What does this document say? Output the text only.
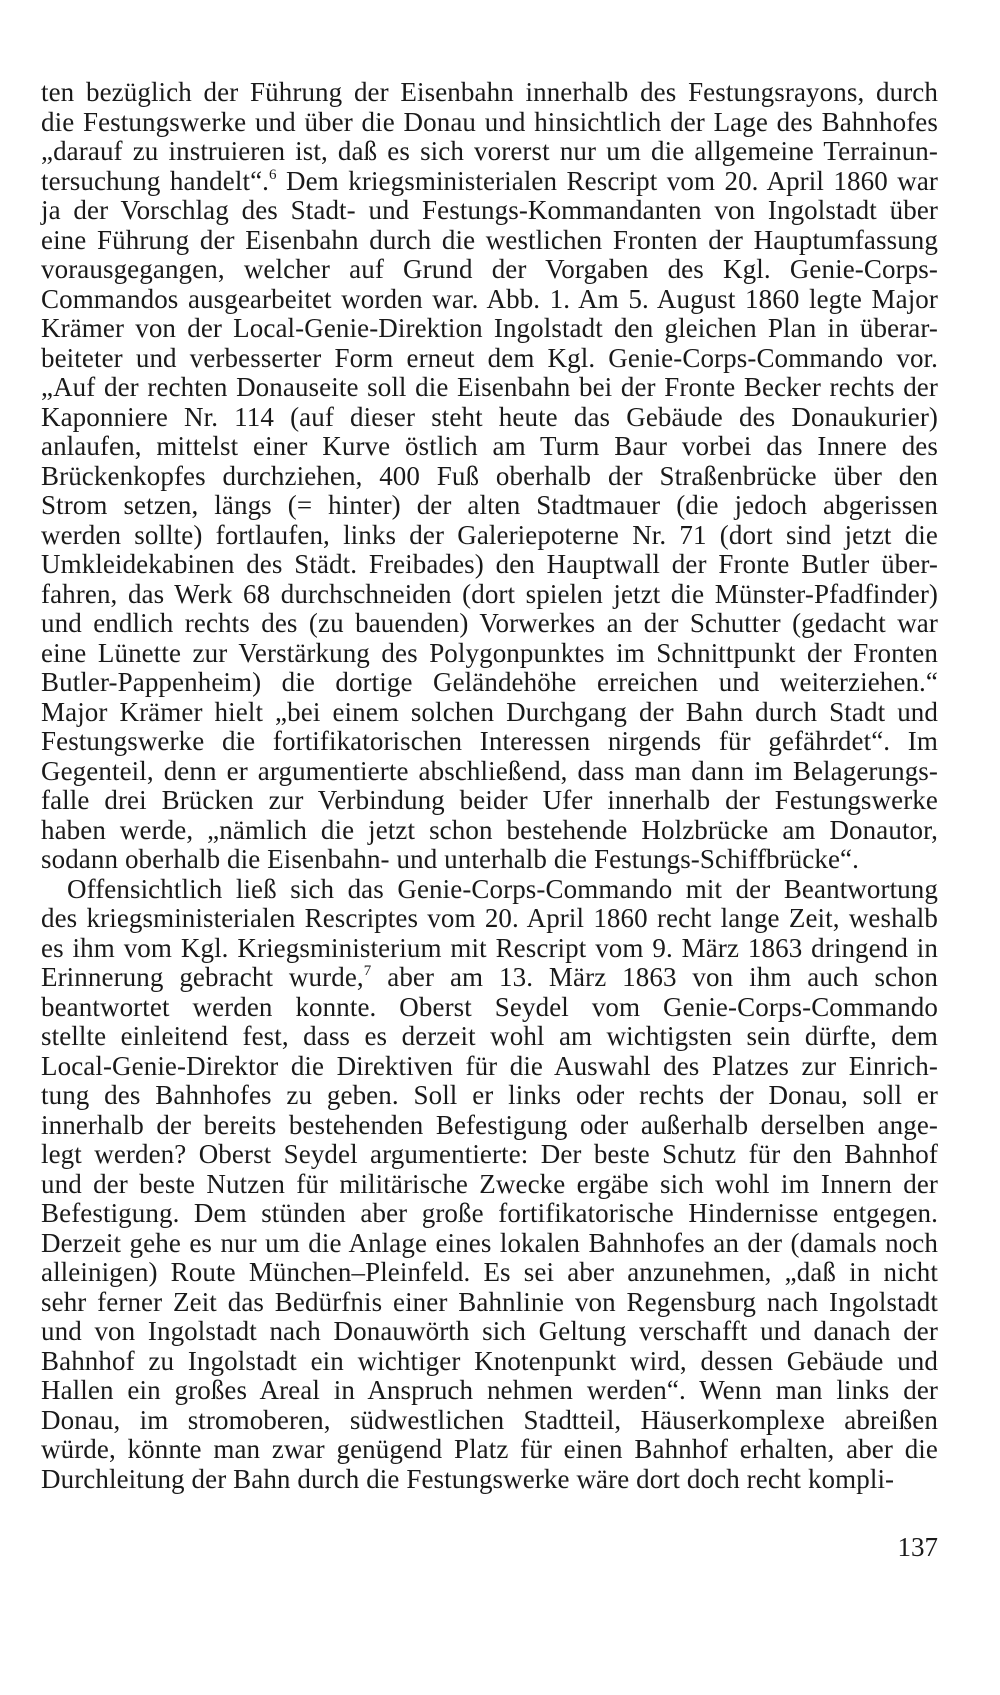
ten bezüglich der Führung der Eisenbahn innerhalb des Festungsrayons, durch
die Festungswerke und über die Donau und hinsichtlich der Lage des Bahnhofes
„darauf zu instruieren ist, daß es sich vorerst nur um die allgemeine Terrainun-
tersuchung handelt“.$^6$ Dem kriegsministerialen Rescript vom 20. April 1860 war
ja der Vorschlag des Stadt- und Festungs-Kommandanten von Ingolstadt über
eine Führung der Eisenbahn durch die westlichen Fronten der Hauptumfassung
vorausgegangen, welcher auf Grund der Vorgaben des Kgl. Genie-Corps-
Commandos ausgearbeitet worden war. Abb. 1. Am 5. August 1860 legte Major
Krämer von der Local-Genie-Direktion Ingolstadt den gleichen Plan in überar-
beiteter und verbesserter Form erneut dem Kgl. Genie-Corps-Commando vor.
„Auf der rechten Donauseite soll die Eisenbahn bei der Fronte Becker rechts der
Kaponniere Nr. 114 (auf dieser steht heute das Gebäude des Donaukurier)
anlaufen, mittelst einer Kurve östlich am Turm Baur vorbei das Innere des
Brückenkopfes durchziehen, 400 Fuß oberhalb der Straßenbrücke über den
Strom setzen, längs (= hinter) der alten Stadtmauer (die jedoch abgerissen
werden sollte) fortlaufen, links der Galeriepoterne Nr. 71 (dort sind jetzt die
Umkleidekabinen des Städt. Freibades) den Hauptwall der Fronte Butler über-
fahren, das Werk 68 durchschneiden (dort spielen jetzt die Münster-Pfadfinder)
und endlich rechts des (zu bauenden) Vorwerkes an der Schutter (gedacht war
eine Lünette zur Verstärkung des Polygonpunktes im Schnittpunkt der Fronten
Butler-Pappenheim) die dortige Geländehöhe erreichen und weiterziehen.“
Major Krämer hielt „bei einem solchen Durchgang der Bahn durch Stadt und
Festungswerke die fortifikatorischen Interessen nirgends für gefährdet“. Im
Gegenteil, denn er argumentierte abschließend, dass man dann im Belagerungs-
falle drei Brücken zur Verbindung beider Ufer innerhalb der Festungswerke
haben werde, „nämlich die jetzt schon bestehende Holzbrücke am Donautor,
sodann oberhalb die Eisenbahn- und unterhalb die Festungs-Schiffbrücke“.
Offensichtlich ließ sich das Genie-Corps-Commando mit der Beantwortung
des kriegsministerialen Rescriptes vom 20. April 1860 recht lange Zeit, weshalb
es ihm vom Kgl. Kriegsministerium mit Rescript vom 9. März 1863 dringend in
Erinnerung gebracht wurde,$^7$ aber am 13. März 1863 von ihm auch schon
beantwortet werden konnte. Oberst Seydel vom Genie-Corps-Commando
stellte einleitend fest, dass es derzeit wohl am wichtigsten sein dürfte, dem
Local-Genie-Direktor die Direktiven für die Auswahl des Platzes zur Einrich-
tung des Bahnhofes zu geben. Soll er links oder rechts der Donau, soll er
innerhalb der bereits bestehenden Befestigung oder außerhalb derselben ange-
legt werden? Oberst Seydel argumentierte: Der beste Schutz für den Bahnhof
und der beste Nutzen für militärische Zwecke ergäbe sich wohl im Innern der
Befestigung. Dem stünden aber große fortifikatorische Hindernisse entgegen.
Derzeit gehe es nur um die Anlage eines lokalen Bahnhofes an der (damals noch
alleinigen) Route München–Pleinfeld. Es sei aber anzunehmen, „daß in nicht
sehr ferner Zeit das Bedürfnis einer Bahnlinie von Regensburg nach Ingolstadt
und von Ingolstadt nach Donauwörth sich Geltung verschafft und danach der
Bahnhof zu Ingolstadt ein wichtiger Knotenpunkt wird, dessen Gebäude und
Hallen ein großes Areal in Anspruch nehmen werden“. Wenn man links der
Donau, im stromoberen, südwestlichen Stadtteil, Häuserkomplexe abreißen
würde, könnte man zwar genügend Platz für einen Bahnhof erhalten, aber die
Durchleitung der Bahn durch die Festungswerke wäre dort doch recht kompli-
137
